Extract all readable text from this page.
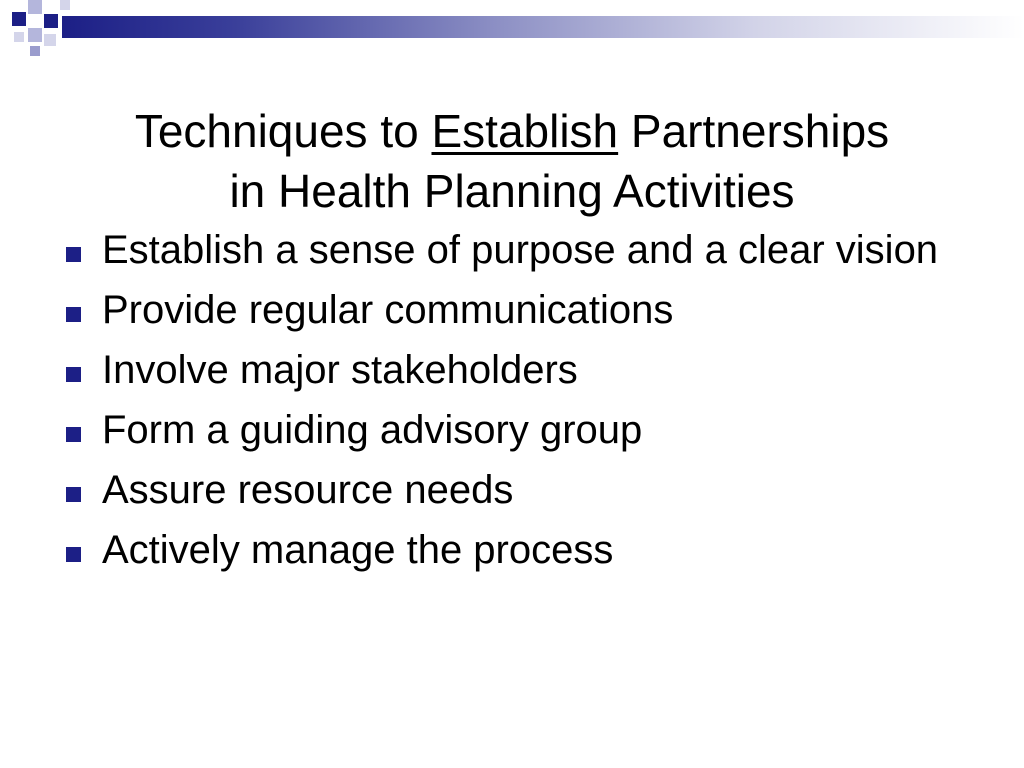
Techniques to Establish Partnerships
in Health Planning Activities
Establish a sense of purpose and a clear vision
Provide regular communications
Involve major stakeholders
Form a guiding advisory group
Assure resource needs
Actively manage the process
